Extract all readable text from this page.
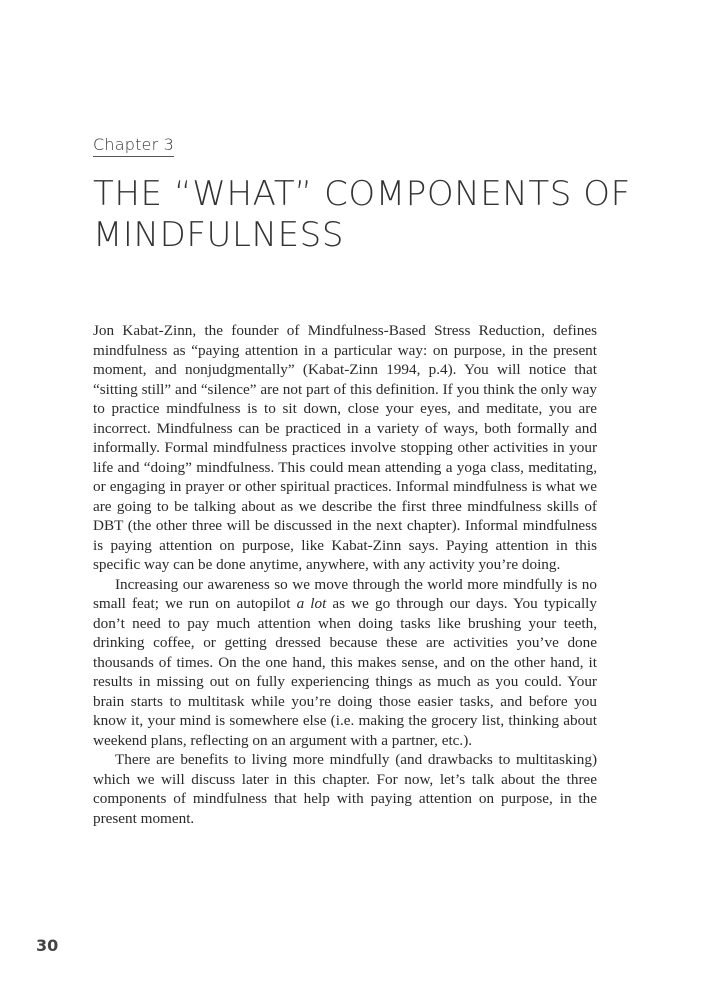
Chapter 3
THE “WHAT” COMPONENTS OF MINDFULNESS

Jon Kabat-Zinn, the founder of Mindfulness-Based Stress Reduction, defines mindfulness as “paying attention in a particular way: on purpose, in the present moment, and nonjudgmentally” (Kabat-Zinn 1994, p.4). You will notice that “sitting still” and “silence” are not part of this definition. If you think the only way to practice mindfulness is to sit down, close your eyes, and meditate, you are incorrect. Mindfulness can be practiced in a variety of ways, both formally and informally. Formal mindfulness practices involve stopping other activities in your life and “doing” mindfulness. This could mean attending a yoga class, meditating, or engaging in prayer or other spiritual practices. Informal mindfulness is what we are going to be talking about as we describe the first three mindfulness skills of DBT (the other three will be discussed in the next chapter). Informal mindfulness is paying attention on purpose, like Kabat-Zinn says. Paying attention in this specific way can be done anytime, anywhere, with any activity you’re doing.

Increasing our awareness so we move through the world more mindfully is no small feat; we run on autopilot a lot as we go through our days. You typically don’t need to pay much attention when doing tasks like brushing your teeth, drinking coffee, or getting dressed because these are activities you’ve done thousands of times. On the one hand, this makes sense, and on the other hand, it results in missing out on fully experiencing things as much as you could. Your brain starts to multitask while you’re doing those easier tasks, and before you know it, your mind is somewhere else (i.e. making the grocery list, thinking about weekend plans, reflecting on an argument with a partner, etc.).

There are benefits to living more mindfully (and drawbacks to multitasking) which we will discuss later in this chapter. For now, let’s talk about the three components of mindfulness that help with paying attention on purpose, in the present moment.

30
